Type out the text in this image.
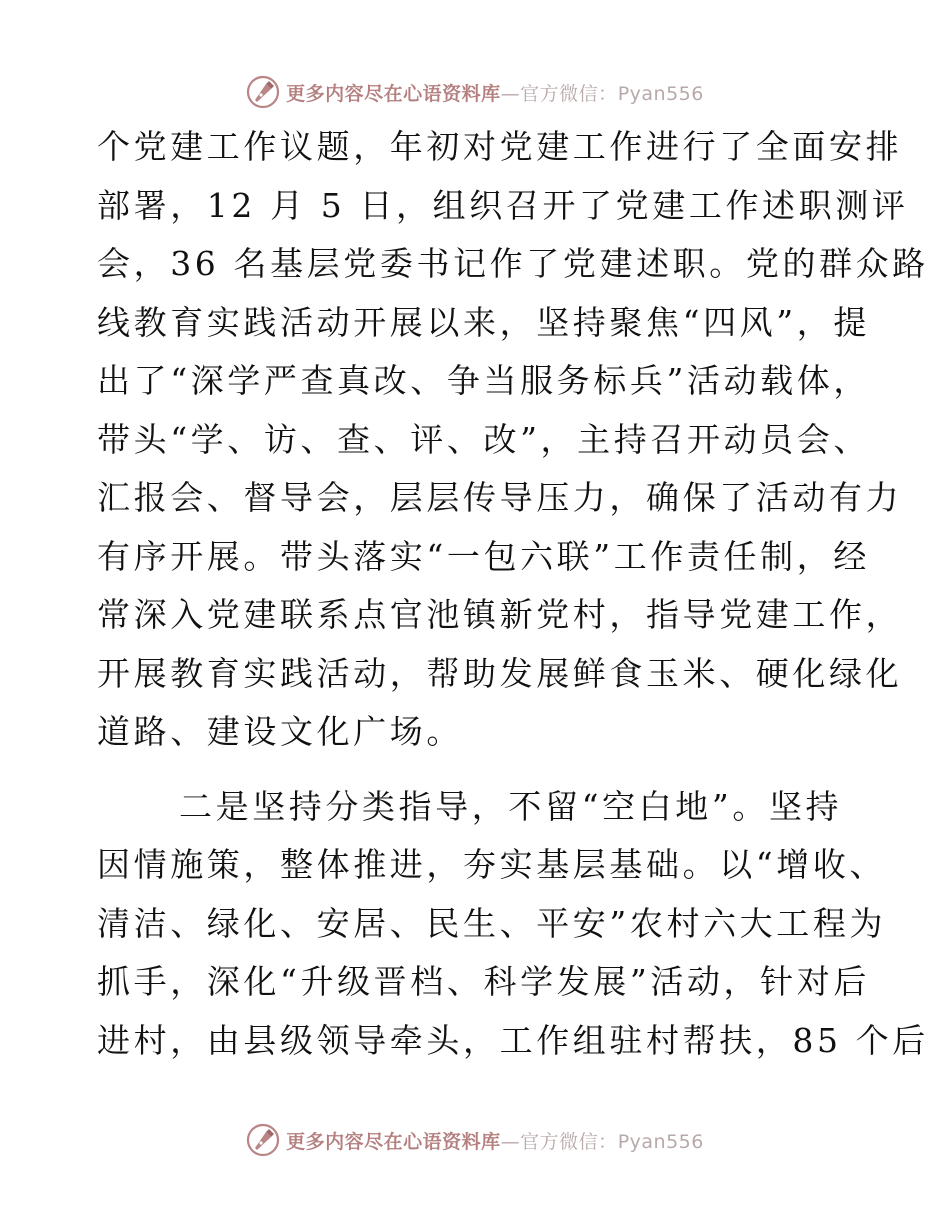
更多内容尽在心语资料库—官方微信：Pyan556
个党建工作议题，年初对党建工作进行了全面安排
部署，12 月 5 日，组织召开了党建工作述职测评
会，36 名基层党委书记作了党建述职。党的群众路
线教育实践活动开展以来，坚持聚焦“四风”，提
出了“深学严查真改、争当服务标兵”活动载体，
带头“学、访、查、评、改”，主持召开动员会、
汇报会、督导会，层层传导压力，确保了活动有力
有序开展。带头落实“一包六联”工作责任制，经
常深入党建联系点官池镇新党村，指导党建工作，
开展教育实践活动，帮助发展鲜食玉米、硬化绿化
道路、建设文化广场。
二是坚持分类指导，不留“空白地”。坚持
因情施策，整体推进，夯实基层基础。以“增收、
清洁、绿化、安居、民生、平安”农村六大工程为
抓手，深化“升级晋档、科学发展”活动，针对后
进村，由县级领导牵头，工作组驻村帮扶，85 个后
更多内容尽在心语资料库—官方微信：Pyan556
